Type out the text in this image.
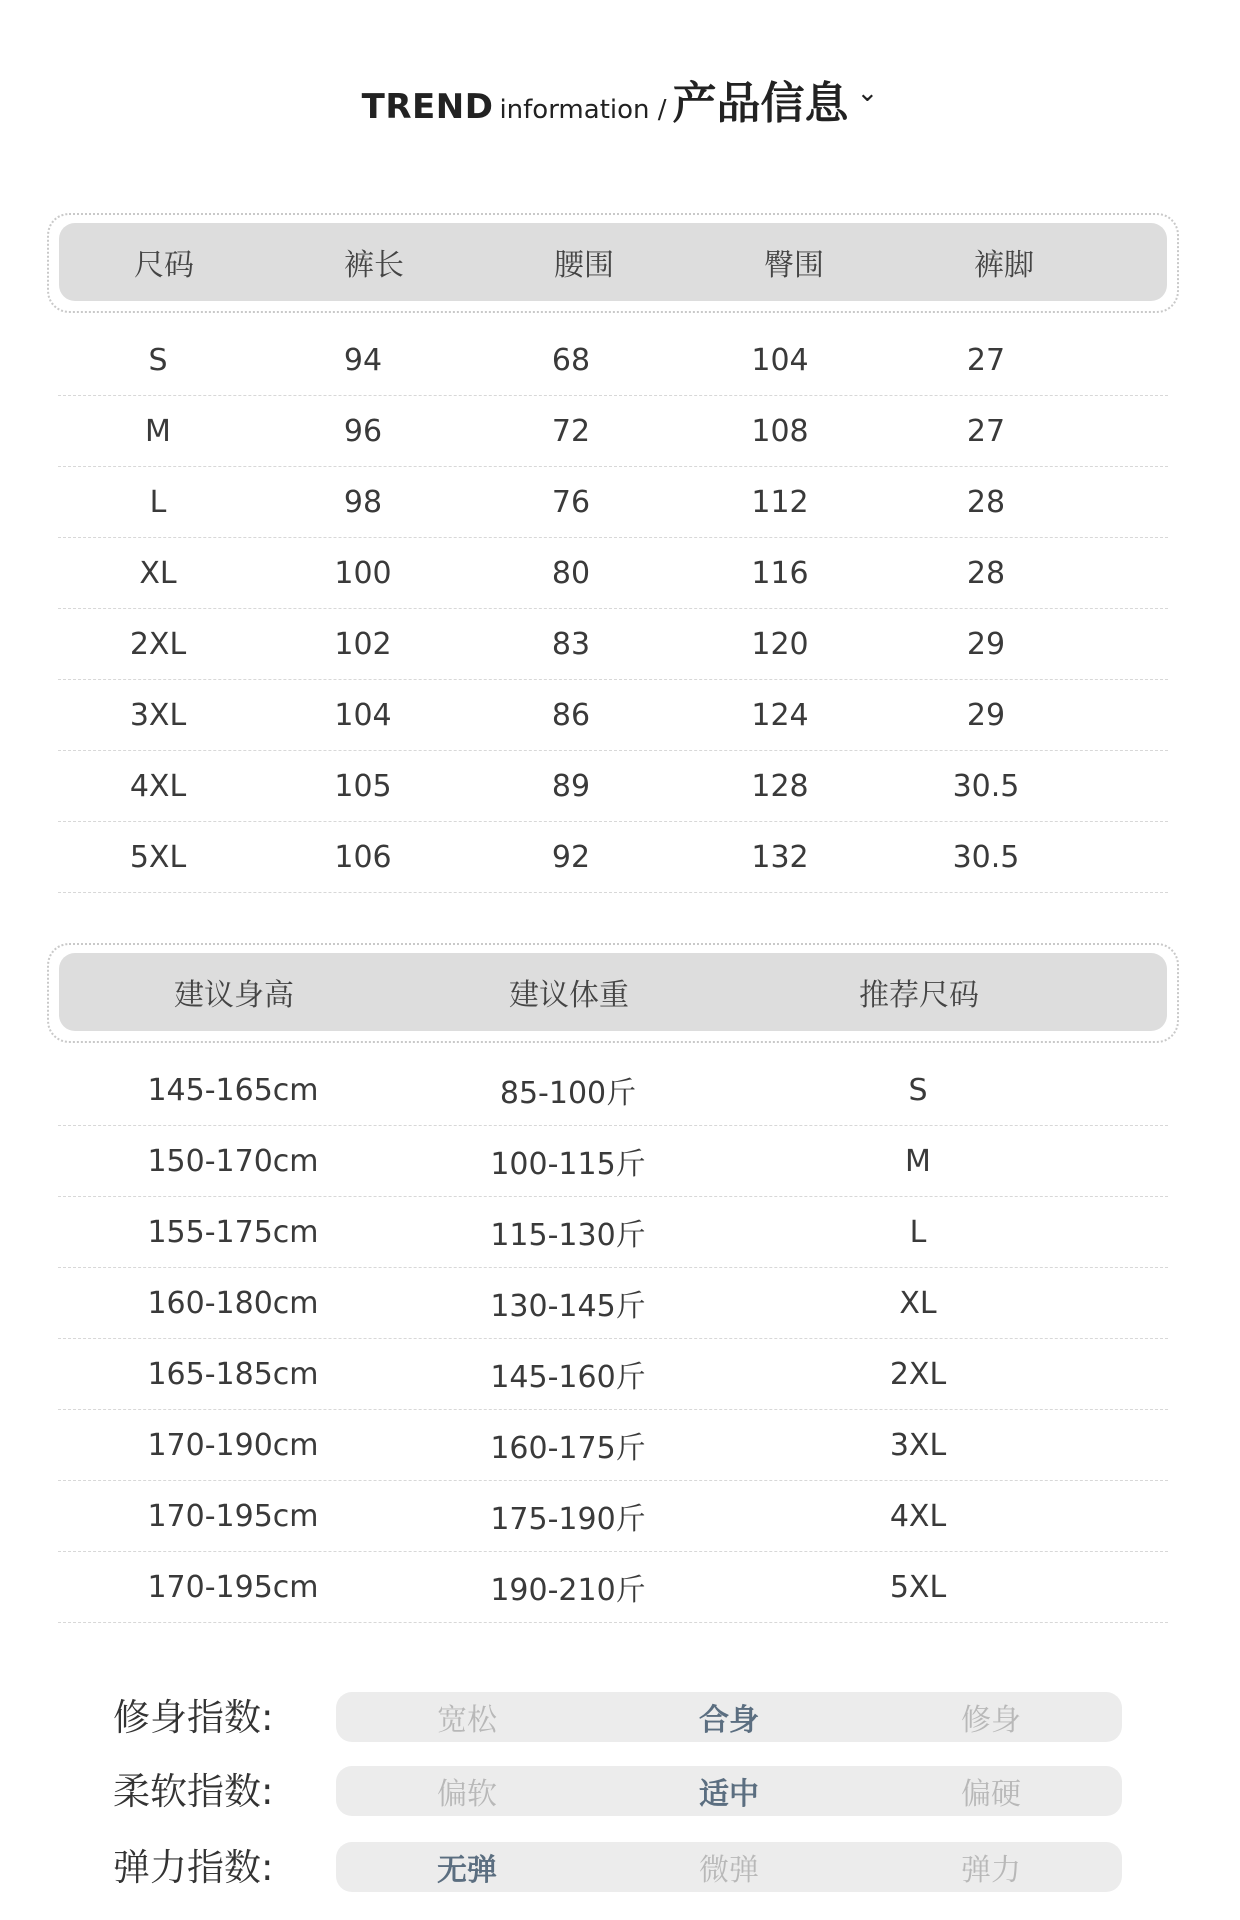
TREND information / 产品信息 ⌄
尺码	裤长	腰围	臀围	裤脚
S	94	68	104	27
M	96	72	108	27
L	98	76	112	28
XL	100	80	116	28
2XL	102	83	120	29
3XL	104	86	124	29
4XL	105	89	128	30.5
5XL	106	92	132	30.5
建议身高	建议体重	推荐尺码
145-165cm	85-100斤	S
150-170cm	100-115斤	M
155-175cm	115-130斤	L
160-180cm	130-145斤	XL
165-185cm	145-160斤	2XL
170-190cm	160-175斤	3XL
170-195cm	175-190斤	4XL
170-195cm	190-210斤	5XL
修身指数:	宽松	合身	修身
柔软指数:	偏软	适中	偏硬
弹力指数:	无弹	微弹	弹力
